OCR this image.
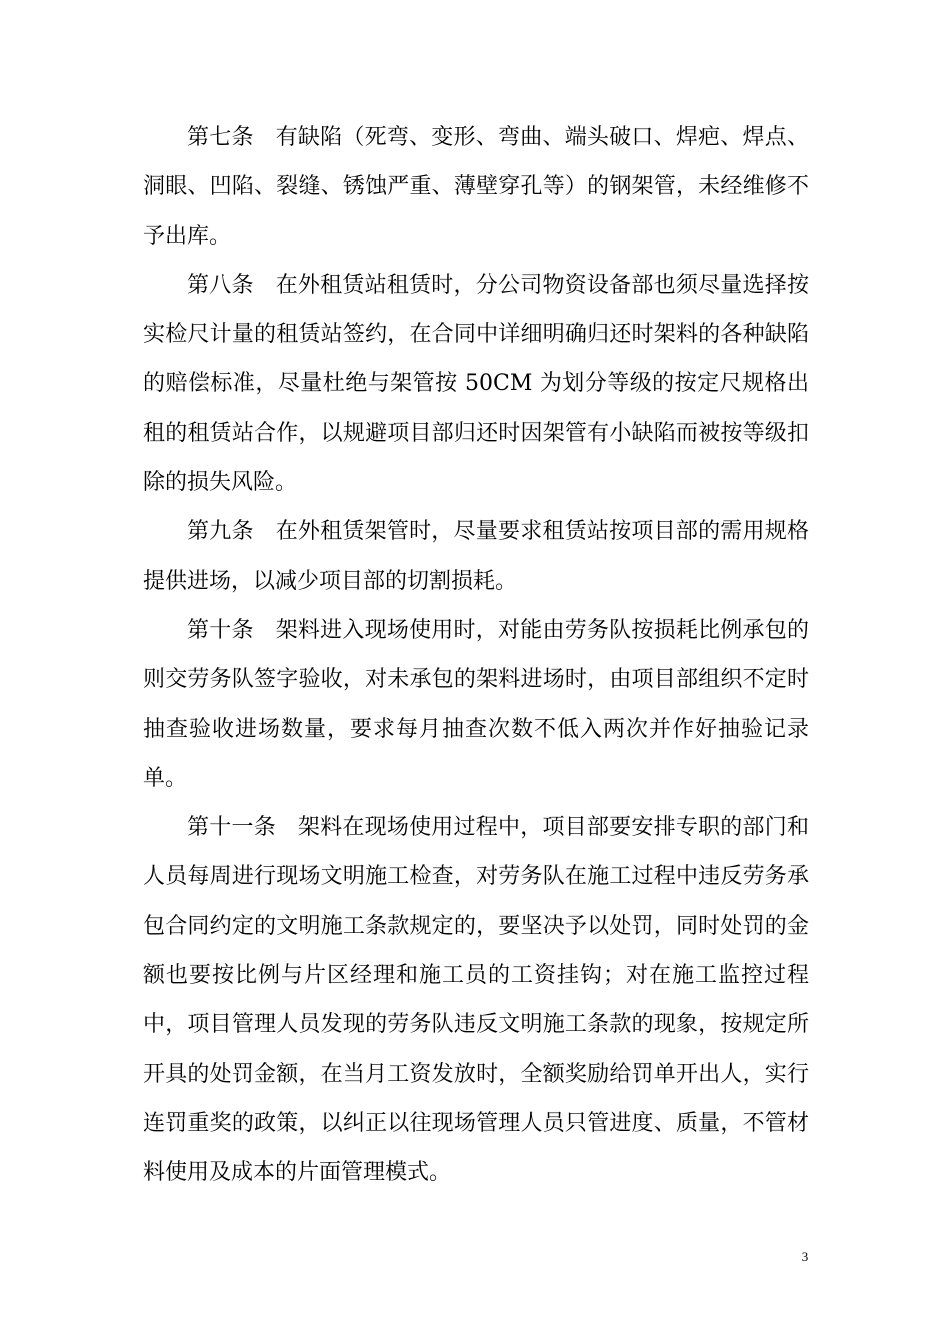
第七条 有缺陷（死弯、变形、弯曲、端头破口、焊疤、焊点、洞眼、凹陷、裂缝、锈蚀严重、薄壁穿孔等）的钢架管，未经维修不予出库。

第八条 在外租赁站租赁时，分公司物资设备部也须尽量选择按实检尺计量的租赁站签约，在合同中详细明确归还时架料的各种缺陷的赔偿标准，尽量杜绝与架管按 50CM 为划分等级的按定尺规格出租的租赁站合作，以规避项目部归还时因架管有小缺陷而被按等级扣除的损失风险。

第九条 在外租赁架管时，尽量要求租赁站按项目部的需用规格提供进场，以减少项目部的切割损耗。

第十条 架料进入现场使用时，对能由劳务队按损耗比例承包的则交劳务队签字验收，对未承包的架料进场时，由项目部组织不定时抽查验收进场数量，要求每月抽查次数不低入两次并作好抽验记录单。

第十一条 架料在现场使用过程中，项目部要安排专职的部门和人员每周进行现场文明施工检查，对劳务队在施工过程中违反劳务承包合同约定的文明施工条款规定的，要坚决予以处罚，同时处罚的金额也要按比例与片区经理和施工员的工资挂钩；对在施工监控过程中，项目管理人员发现的劳务队违反文明施工条款的现象，按规定所开具的处罚金额，在当月工资发放时，全额奖励给罚单开出人，实行连罚重奖的政策，以纠正以往现场管理人员只管进度、质量，不管材料使用及成本的片面管理模式。

3
